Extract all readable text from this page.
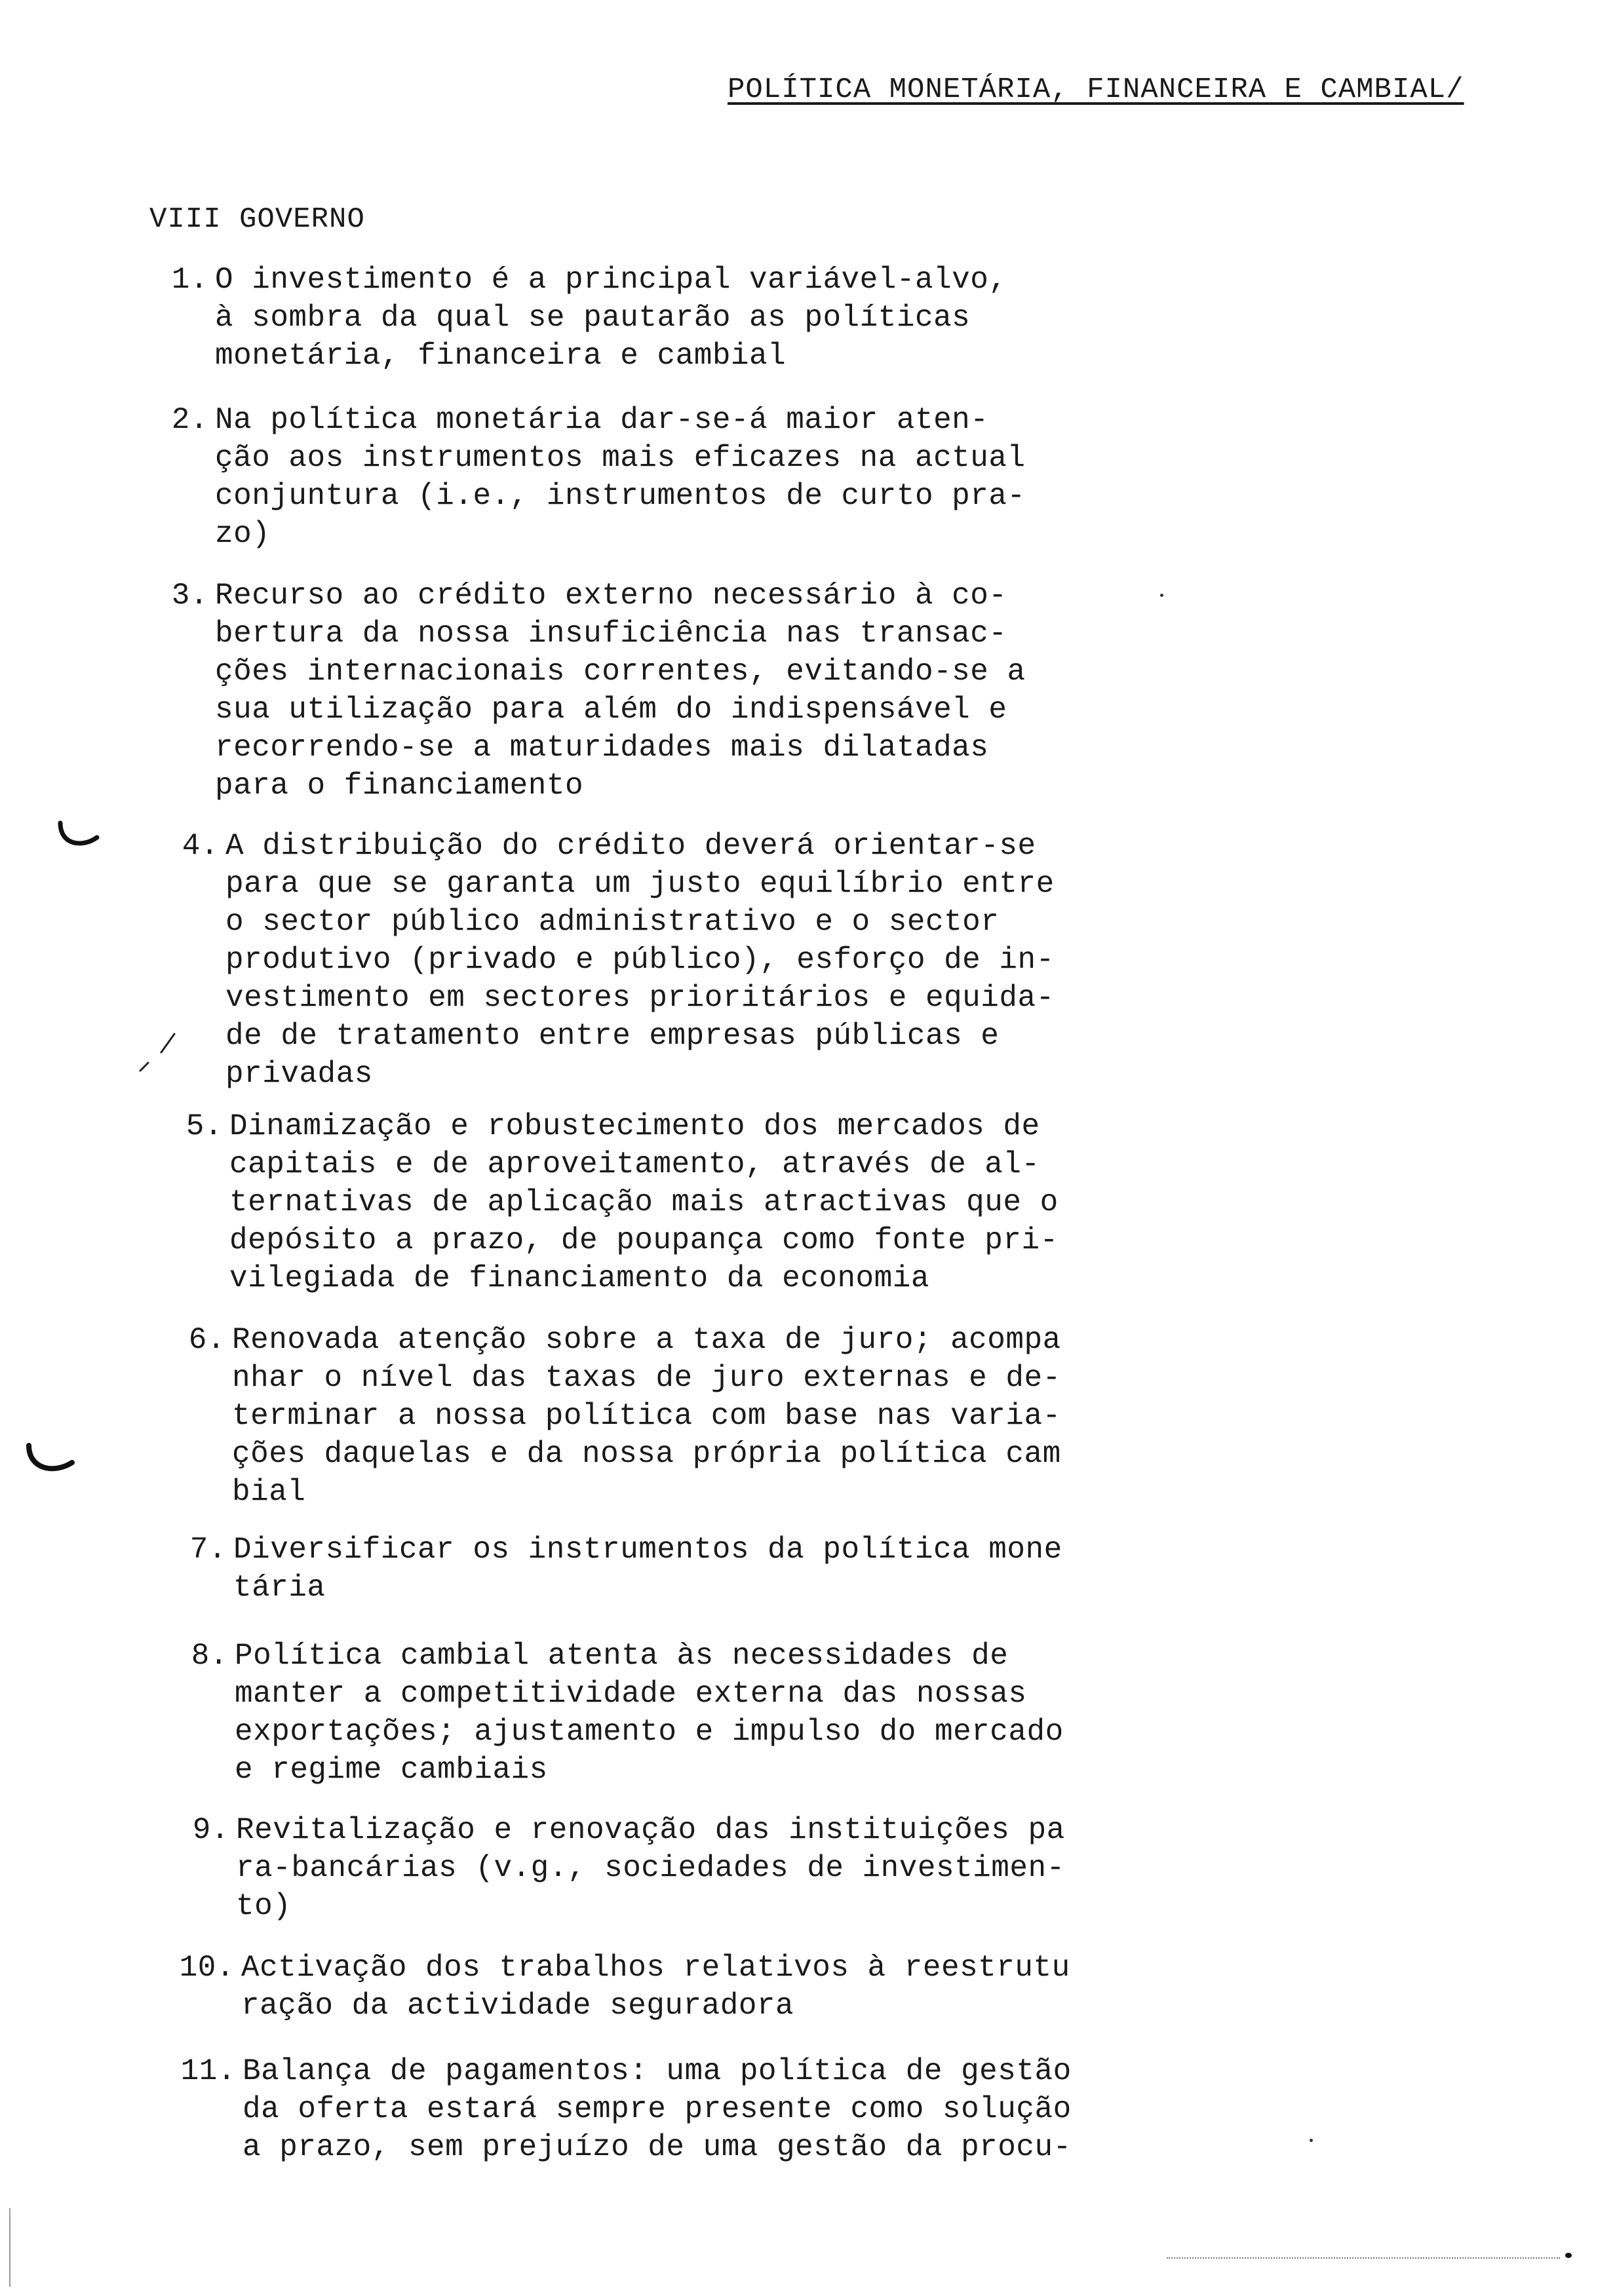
POLÍTICA MONETÁRIA, FINANCEIRA E CAMBIAL/
VIII GOVERNO
1. O investimento é a principal variável-alvo,
à sombra da qual se pautarão as políticas
monetária, financeira e cambial
2. Na política monetária dar-se-á maior aten-
ção aos instrumentos mais eficazes na actual
conjuntura (i.e., instrumentos de curto pra-
zo)
3. Recurso ao crédito externo necessário à co-
bertura da nossa insuficiência nas transac-
ções internacionais correntes, evitando-se a
sua utilização para além do indispensável e
recorrendo-se a maturidades mais dilatadas
para o financiamento
4. A distribuição do crédito deverá orientar-se
para que se garanta um justo equilíbrio entre
o sector público administrativo e o sector
produtivo (privado e público), esforço de in-
vestimento em sectores prioritários e equida-
de de tratamento entre empresas públicas e
privadas
5. Dinamização e robustecimento dos mercados de
capitais e de aproveitamento, através de al-
ternativas de aplicação mais atractivas que o
depósito a prazo, de poupança como fonte pri-
vilegiada de financiamento da economia
6. Renovada atenção sobre a taxa de juro; acompa
nhar o nível das taxas de juro externas e de-
terminar a nossa política com base nas varia-
ções daquelas e da nossa própria política cam
bial
7. Diversificar os instrumentos da política mone
tária
8. Política cambial atenta às necessidades de
manter a competitividade externa das nossas
exportações; ajustamento e impulso do mercado
e regime cambiais
9. Revitalização e renovação das instituições pa
ra-bancárias (v.g., sociedades de investimen-
to)
10. Activação dos trabalhos relativos à reestrutu
ração da actividade seguradora
11. Balança de pagamentos: uma política de gestão
da oferta estará sempre presente como solução
a prazo, sem prejuízo de uma gestão da procu-
